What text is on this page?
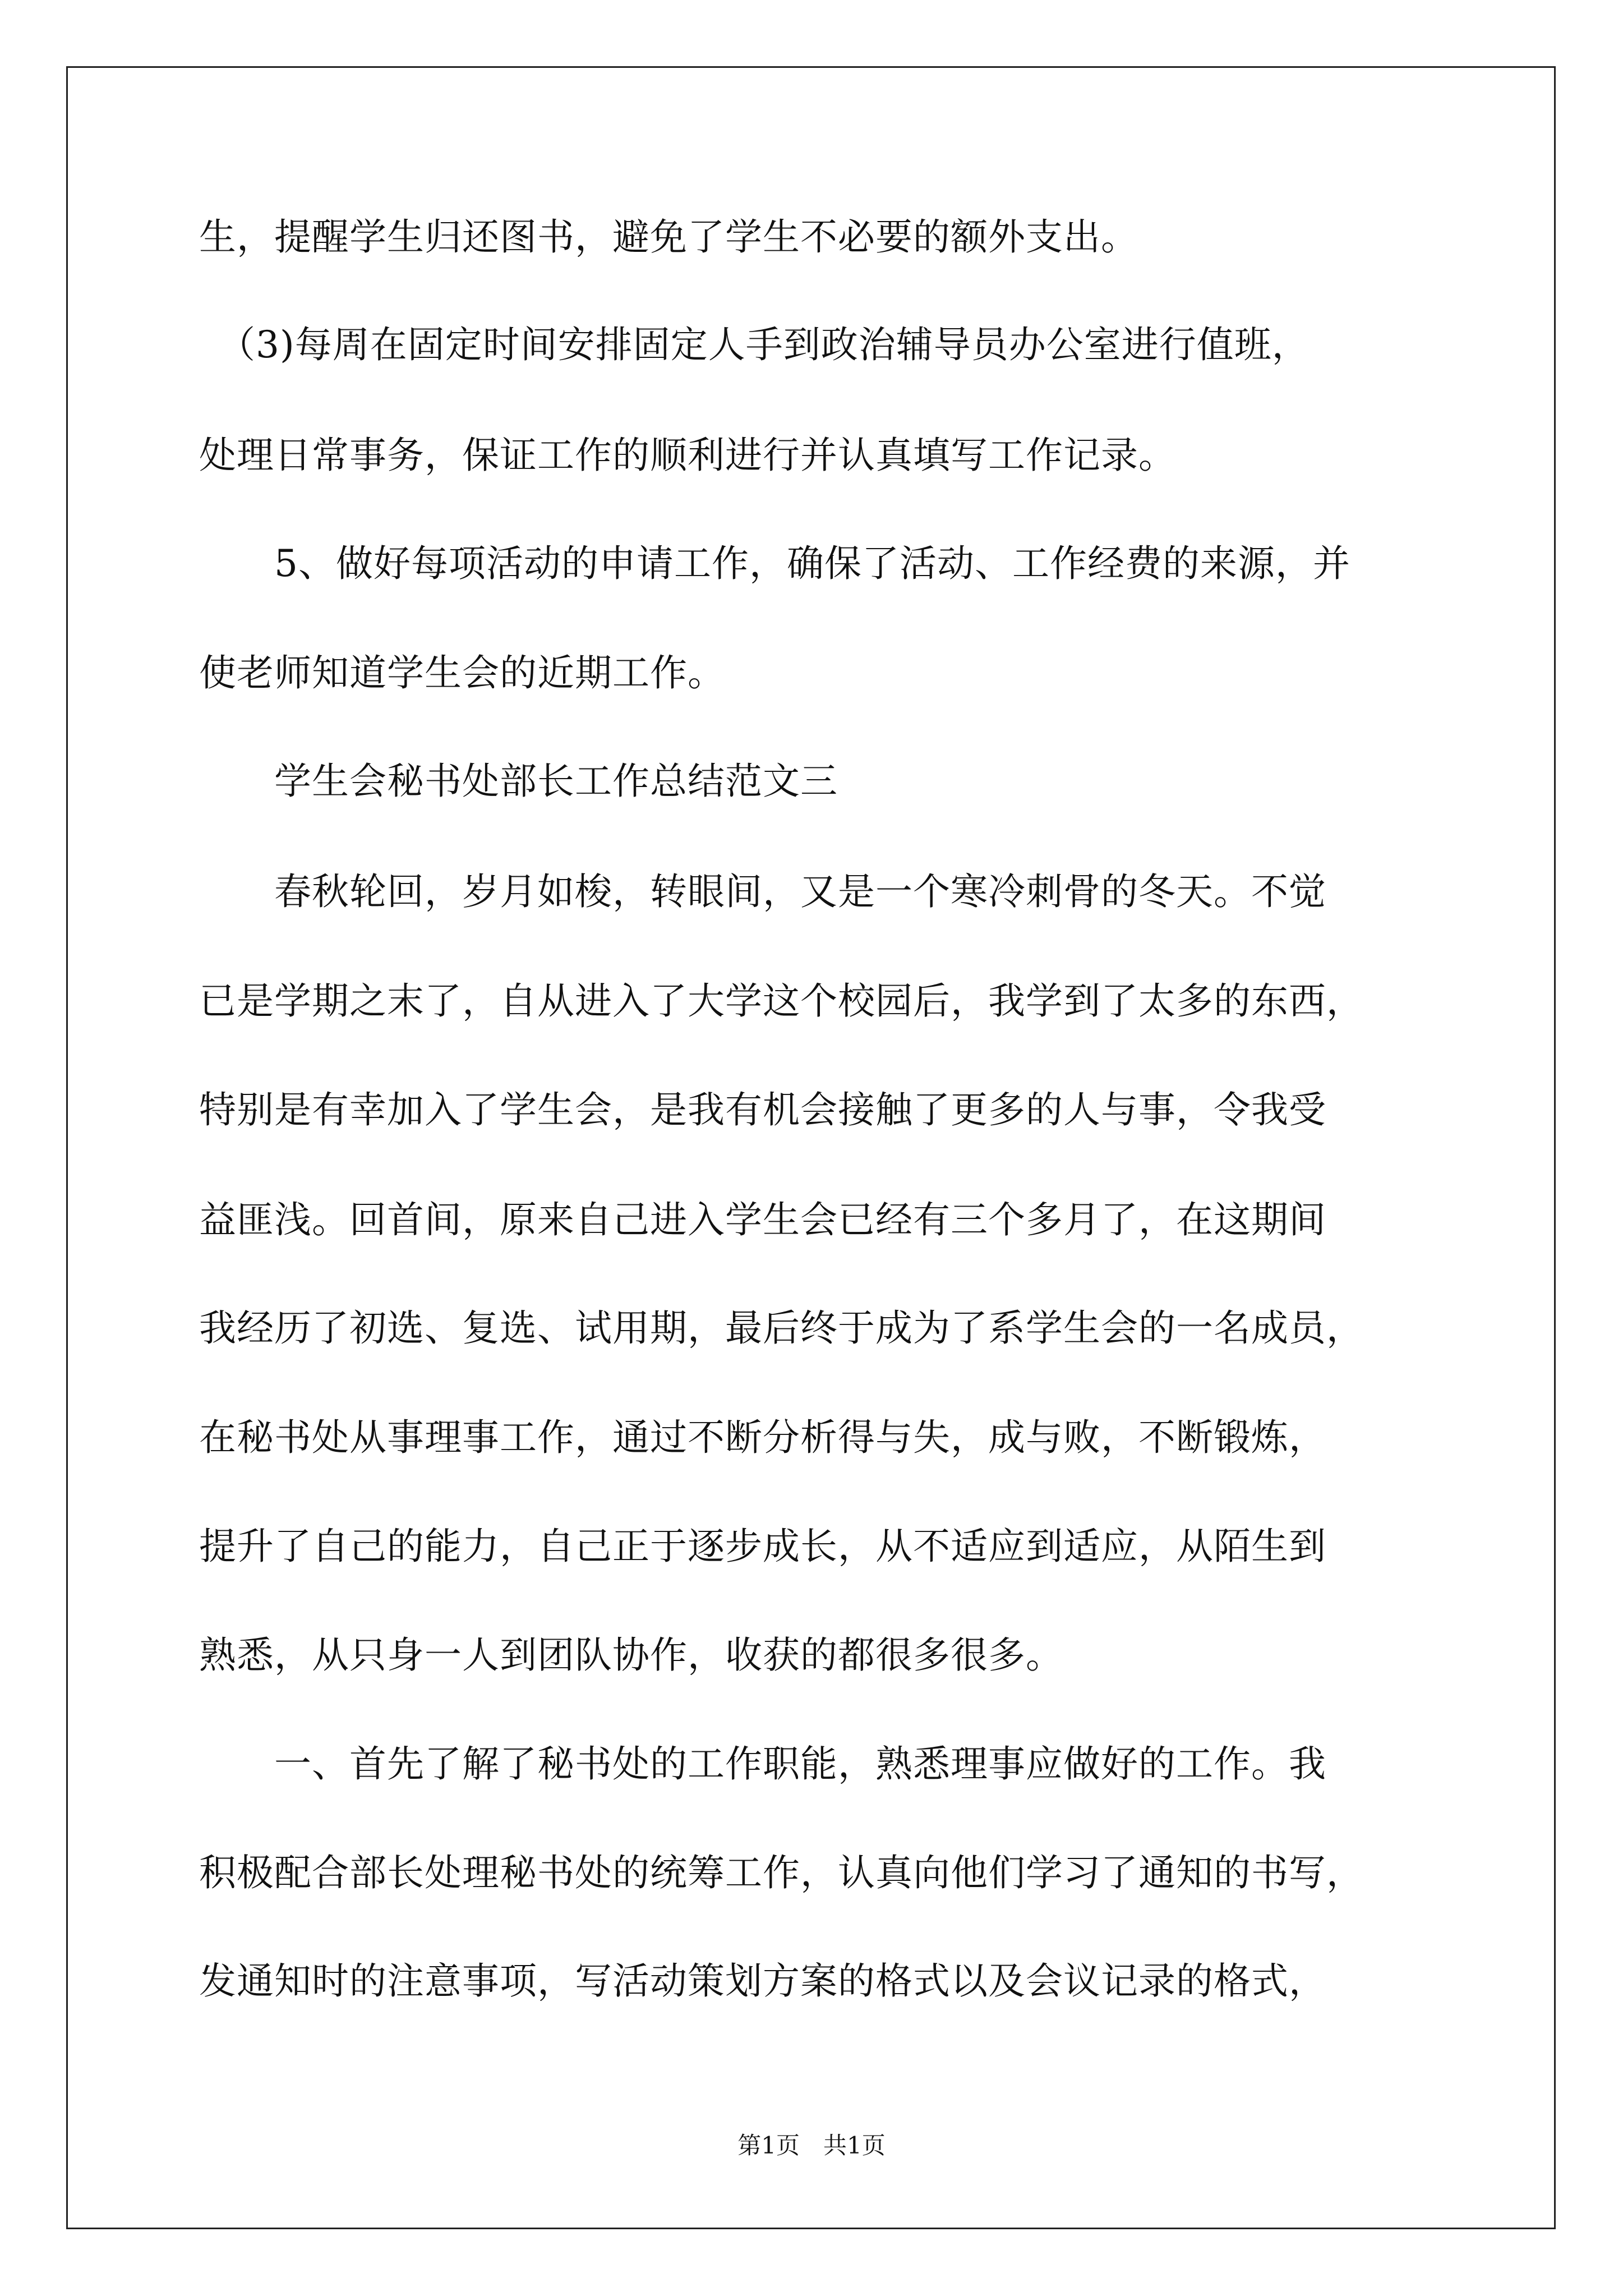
生，提醒学生归还图书，避免了学生不必要的额外支出。
　（3)每周在固定时间安排固定人手到政治辅导员办公室进行值班，
处理日常事务，保证工作的顺利进行并认真填写工作记录。
　　5、做好每项活动的申请工作，确保了活动、工作经费的来源，并
使老师知道学生会的近期工作。
　　学生会秘书处部长工作总结范文三
　　春秋轮回，岁月如梭，转眼间，又是一个寒冷刺骨的冬天。不觉
已是学期之末了，自从进入了大学这个校园后，我学到了太多的东西，
特别是有幸加入了学生会，是我有机会接触了更多的人与事，令我受
益匪浅。回首间，原来自己进入学生会已经有三个多月了，在这期间
我经历了初选、复选、试用期，最后终于成为了系学生会的一名成员，
在秘书处从事理事工作，通过不断分析得与失，成与败，不断锻炼，
提升了自己的能力，自己正于逐步成长，从不适应到适应，从陌生到
熟悉，从只身一人到团队协作，收获的都很多很多。
　　一、首先了解了秘书处的工作职能，熟悉理事应做好的工作。我
积极配合部长处理秘书处的统筹工作，认真向他们学习了通知的书写，
发通知时的注意事项，写活动策划方案的格式以及会议记录的格式，
第1页　共1页
